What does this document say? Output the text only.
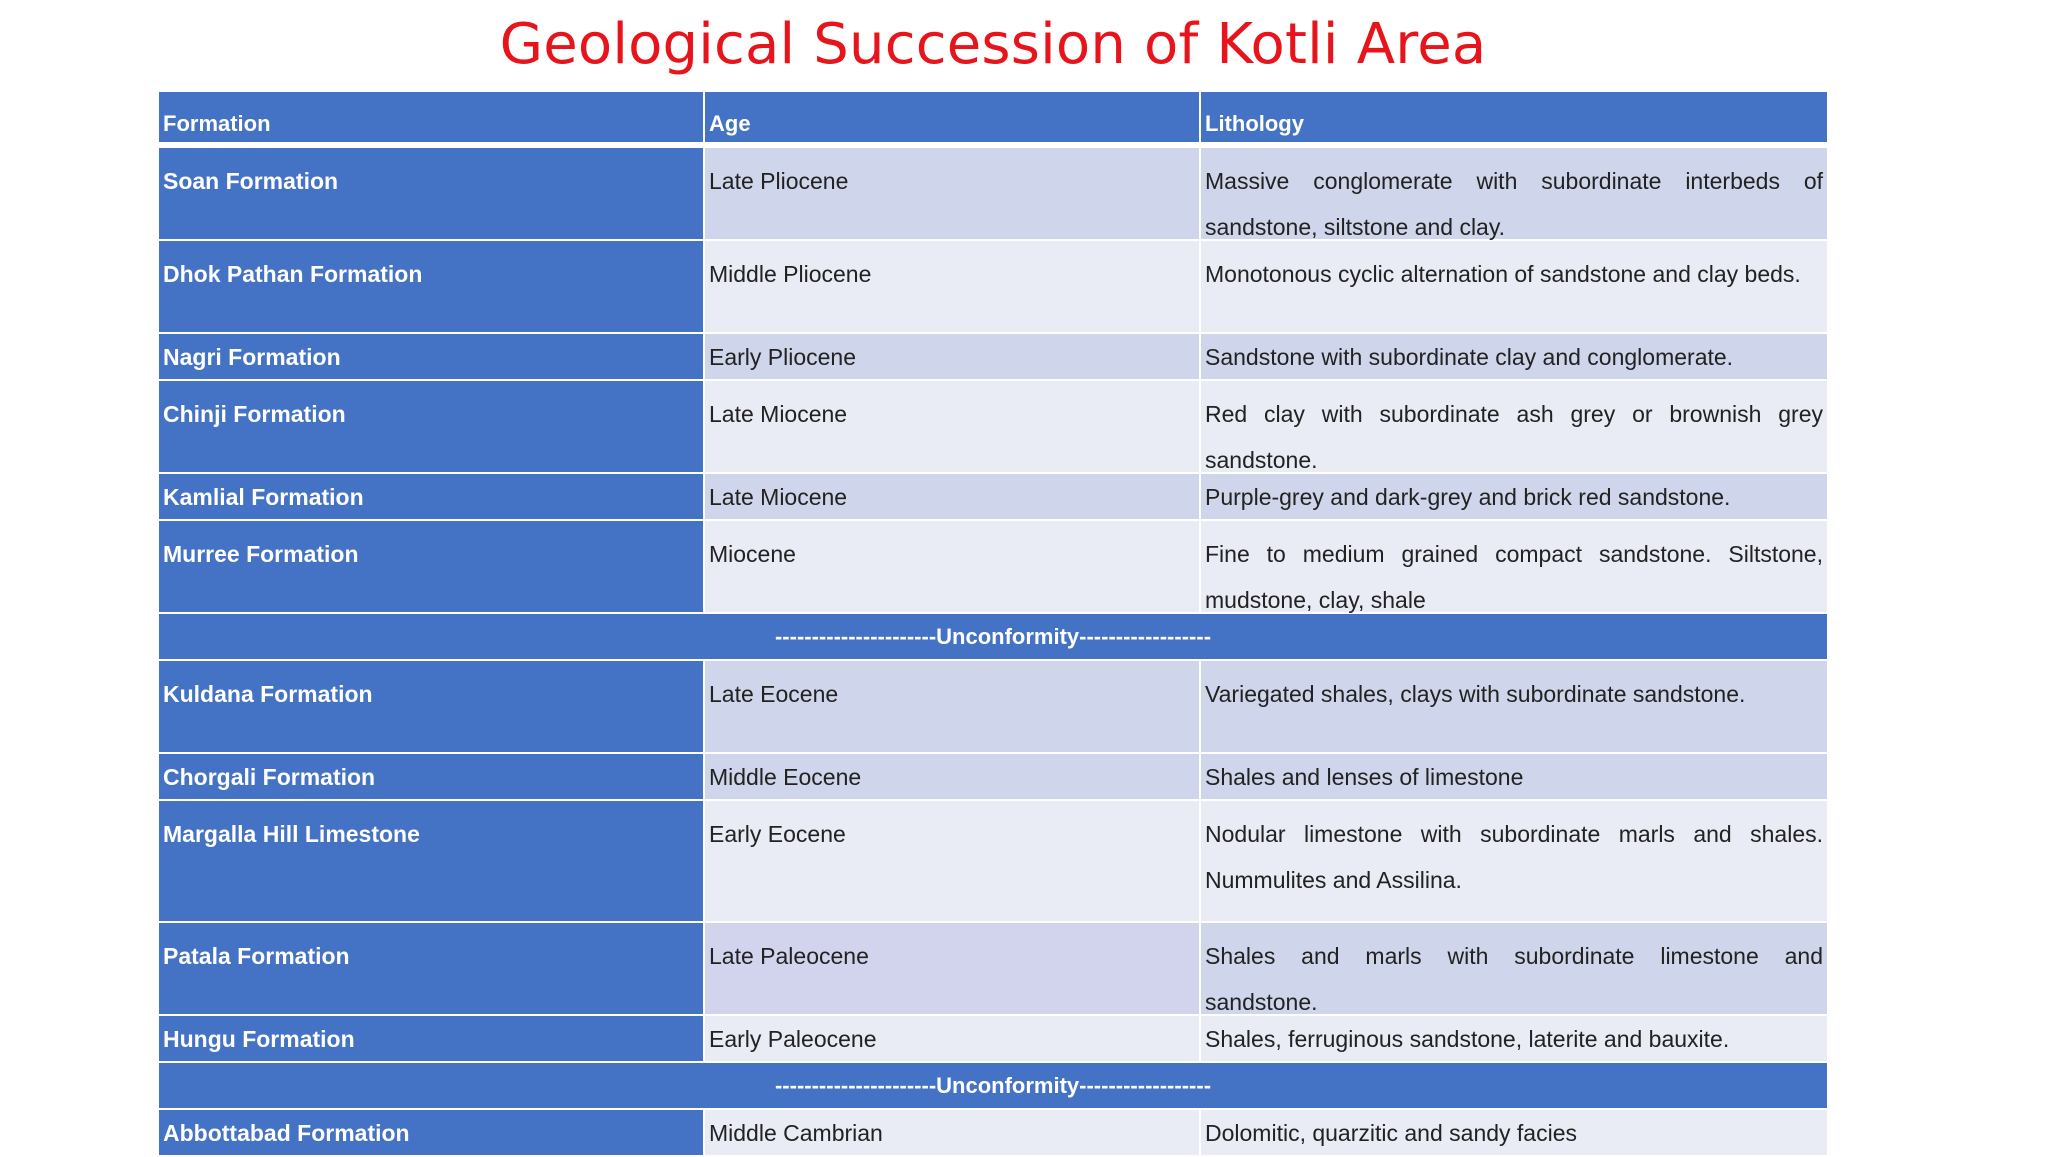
Geological Succession of Kotli Area
Formation	Age	Lithology
Soan Formation	Late Pliocene	Massive conglomerate with subordinate interbeds of sandstone, siltstone and clay.
Dhok Pathan Formation	Middle Pliocene	Monotonous cyclic alternation of sandstone and clay beds.
Nagri Formation	Early Pliocene	Sandstone with subordinate clay and conglomerate.
Chinji Formation	Late Miocene	Red clay with subordinate ash grey or brownish grey sandstone.
Kamlial Formation	Late Miocene	Purple-grey and dark-grey and brick red sandstone.
Murree Formation	Miocene	Fine to medium grained compact sandstone. Siltstone, mudstone, clay, shale
----------------------Unconformity------------------
Kuldana Formation	Late Eocene	Variegated shales, clays with subordinate sandstone.
Chorgali Formation	Middle Eocene	Shales and lenses of limestone
Margalla Hill Limestone	Early Eocene	Nodular limestone with subordinate marls and shales. Nummulites and Assilina.
Patala Formation	Late Paleocene	Shales and marls with subordinate limestone and sandstone.
Hungu Formation	Early Paleocene	Shales, ferruginous sandstone, laterite and bauxite.
----------------------Unconformity------------------
Abbottabad Formation	Middle Cambrian	Dolomitic, quarzitic and sandy facies
